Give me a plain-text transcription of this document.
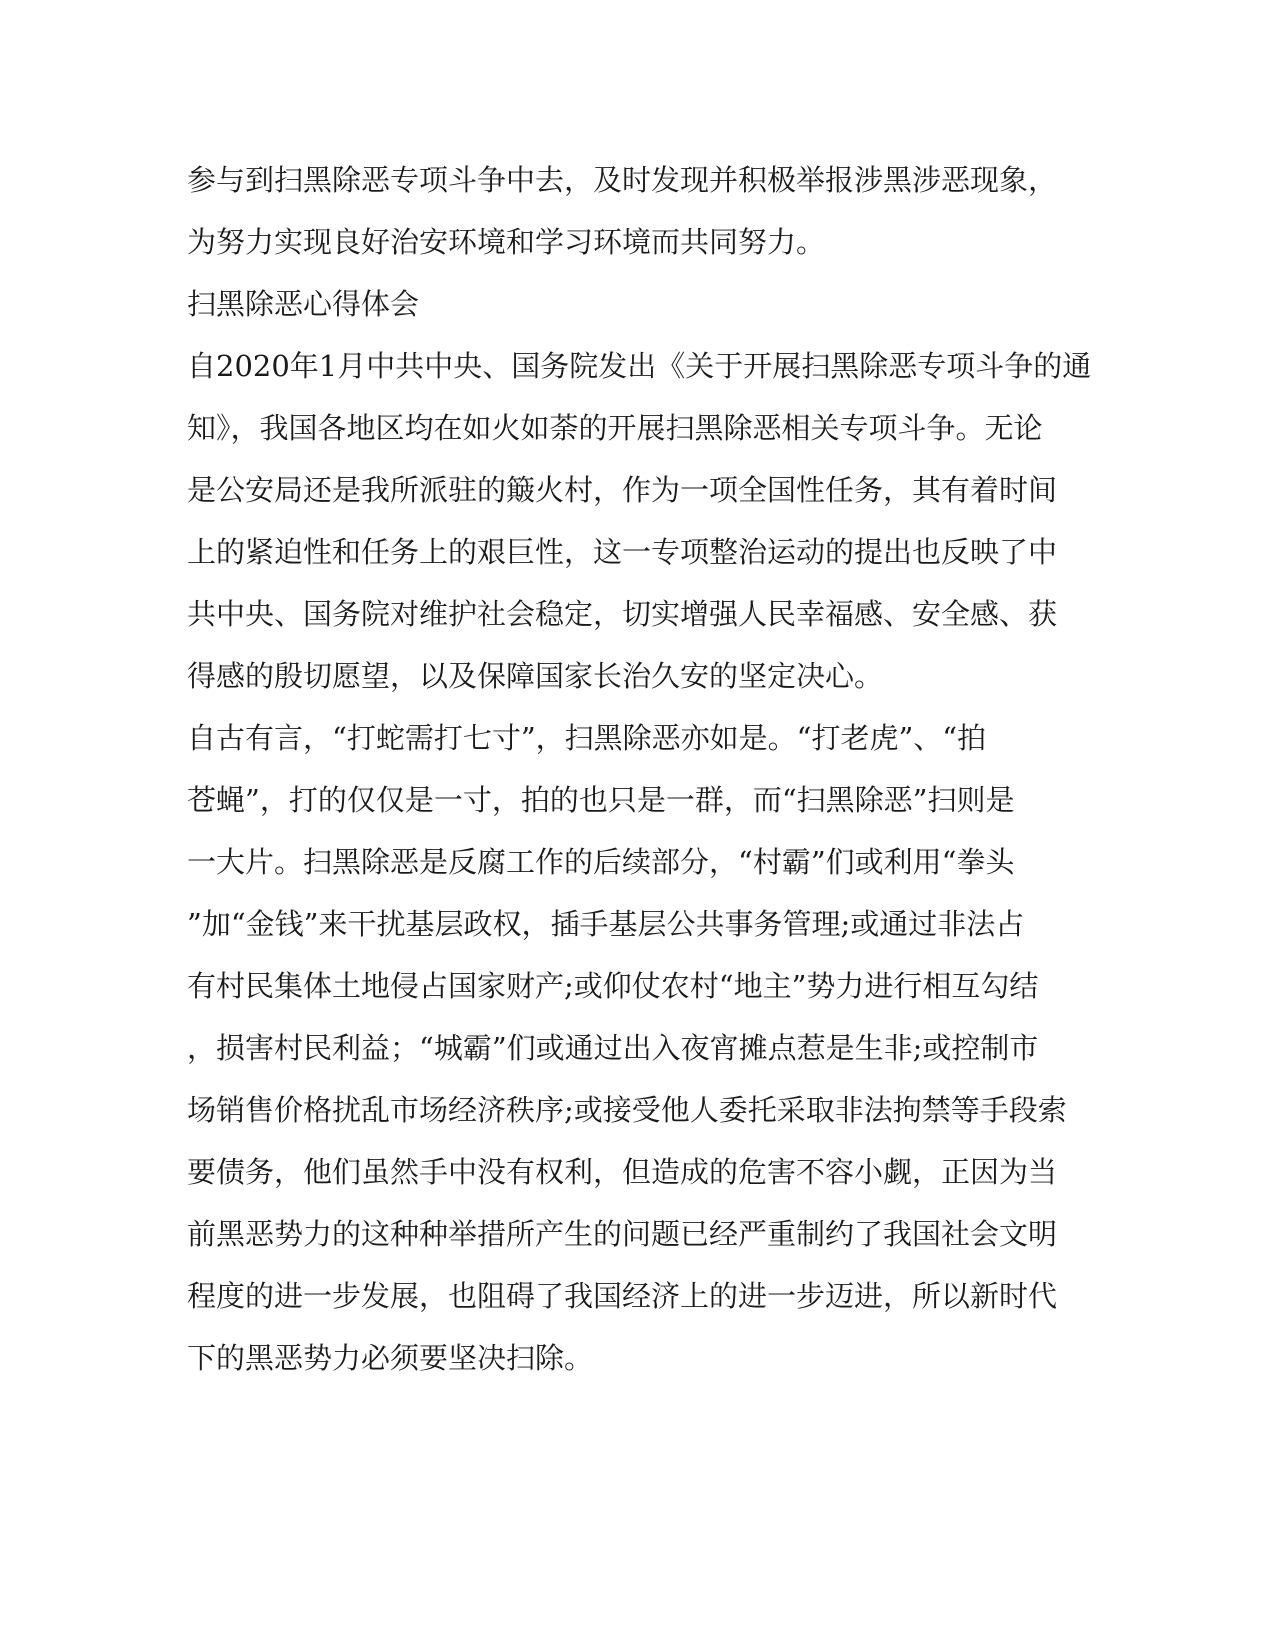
参与到扫黑除恶专项斗争中去，及时发现并积极举报涉黑涉恶现象，
为努力实现良好治安环境和学习环境而共同努力。
扫黑除恶心得体会
自2020年1月中共中央、国务院发出《关于开展扫黑除恶专项斗争的通
知》，我国各地区均在如火如荼的开展扫黑除恶相关专项斗争。无论
是公安局还是我所派驻的簸火村，作为一项全国性任务，其有着时间
上的紧迫性和任务上的艰巨性，这一专项整治运动的提出也反映了中
共中央、国务院对维护社会稳定，切实增强人民幸福感、安全感、获
得感的殷切愿望，以及保障国家长治久安的坚定决心。
自古有言，“打蛇需打七寸”，扫黑除恶亦如是。“打老虎”、“拍
苍蝇”，打的仅仅是一寸，拍的也只是一群，而“扫黑除恶”扫则是
一大片。扫黑除恶是反腐工作的后续部分，“村霸”们或利用“拳头
”加“金钱”来干扰基层政权，插手基层公共事务管理;或通过非法占
有村民集体土地侵占国家财产;或仰仗农村“地主”势力进行相互勾结
，损害村民利益；“城霸”们或通过出入夜宵摊点惹是生非;或控制市
场销售价格扰乱市场经济秩序;或接受他人委托采取非法拘禁等手段索
要债务，他们虽然手中没有权利，但造成的危害不容小觑，正因为当
前黑恶势力的这种种举措所产生的问题已经严重制约了我国社会文明
程度的进一步发展，也阻碍了我国经济上的进一步迈进，所以新时代
下的黑恶势力必须要坚决扫除。
